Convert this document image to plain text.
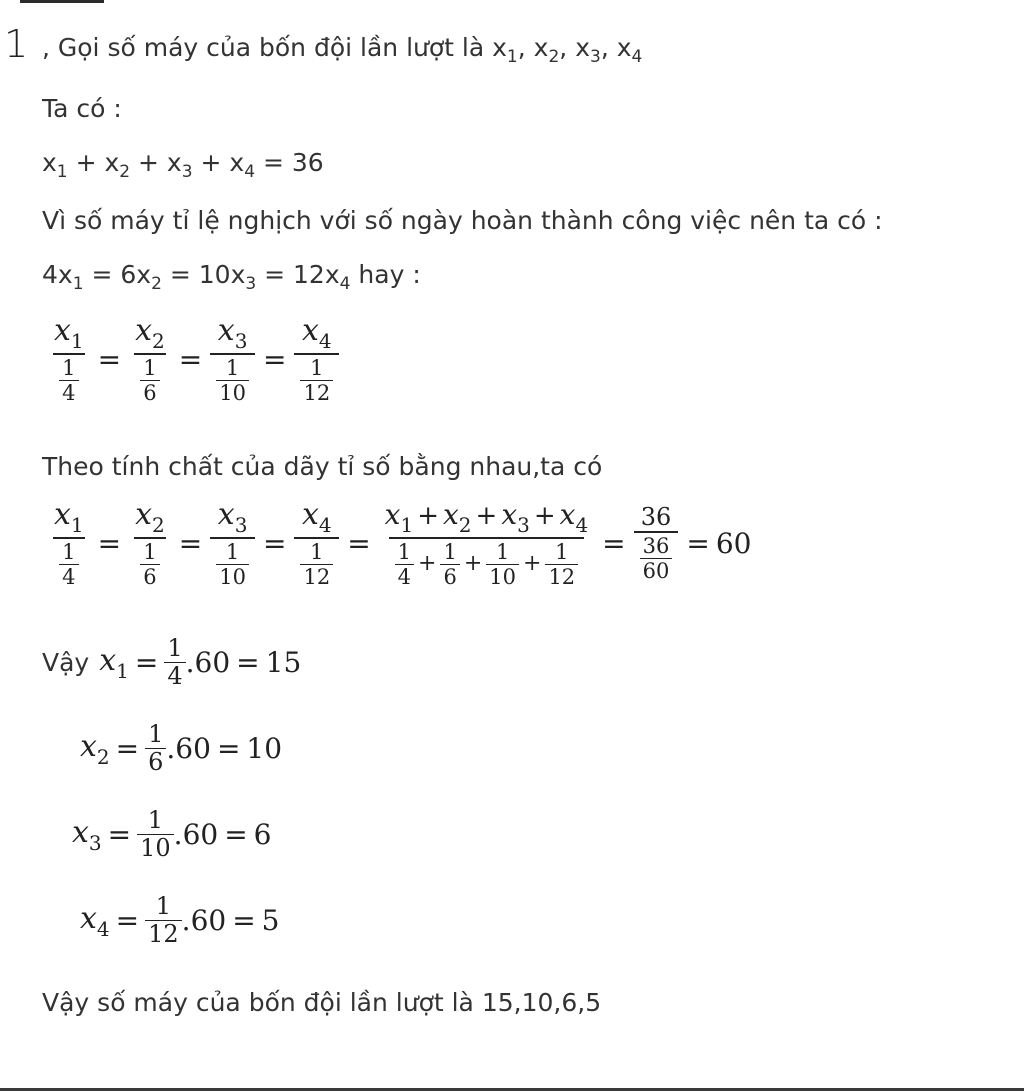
1 , Gọi số máy của bốn đội lần lượt là $x_1$, $x_2$, $x_3$, $x_4$
Ta có :
$x_1 + x_2 + x_3 + x_4 = 36$
Vì số máy tỉ lệ nghịch với số ngày hoàn thành công việc nên ta có :
$4x_1 = 6x_2 = 10x_3 = 12x_4$ hay :
$x_1$
1
$4 = x_2$
1
$6 = x_3$
1
$10 = x_4$
1
12
Theo tính chất của dãy tỉ số bằng nhau,ta có
$x_1$
1
$4 = x_2$
1
$6 = x_3$
1
$10 = x_4$
1
$12 = x_1 + x_2 + x_3 + x_4$
1
4
+ $\frac{1}{6} + \frac{1}{10} + \frac{1}{12} = 36$
36
60 = 60
Vậy $x_1 = \frac{1}{4} .60 = 15$
$x_2 = \frac{1}{6} .60 = 10$
$x_3 = \frac{1}{10} .60 = 6$
$x_4 = \frac{1}{12} .60 = 5$
Vậy số máy của bốn đội lần lượt là 15,10,6,5
